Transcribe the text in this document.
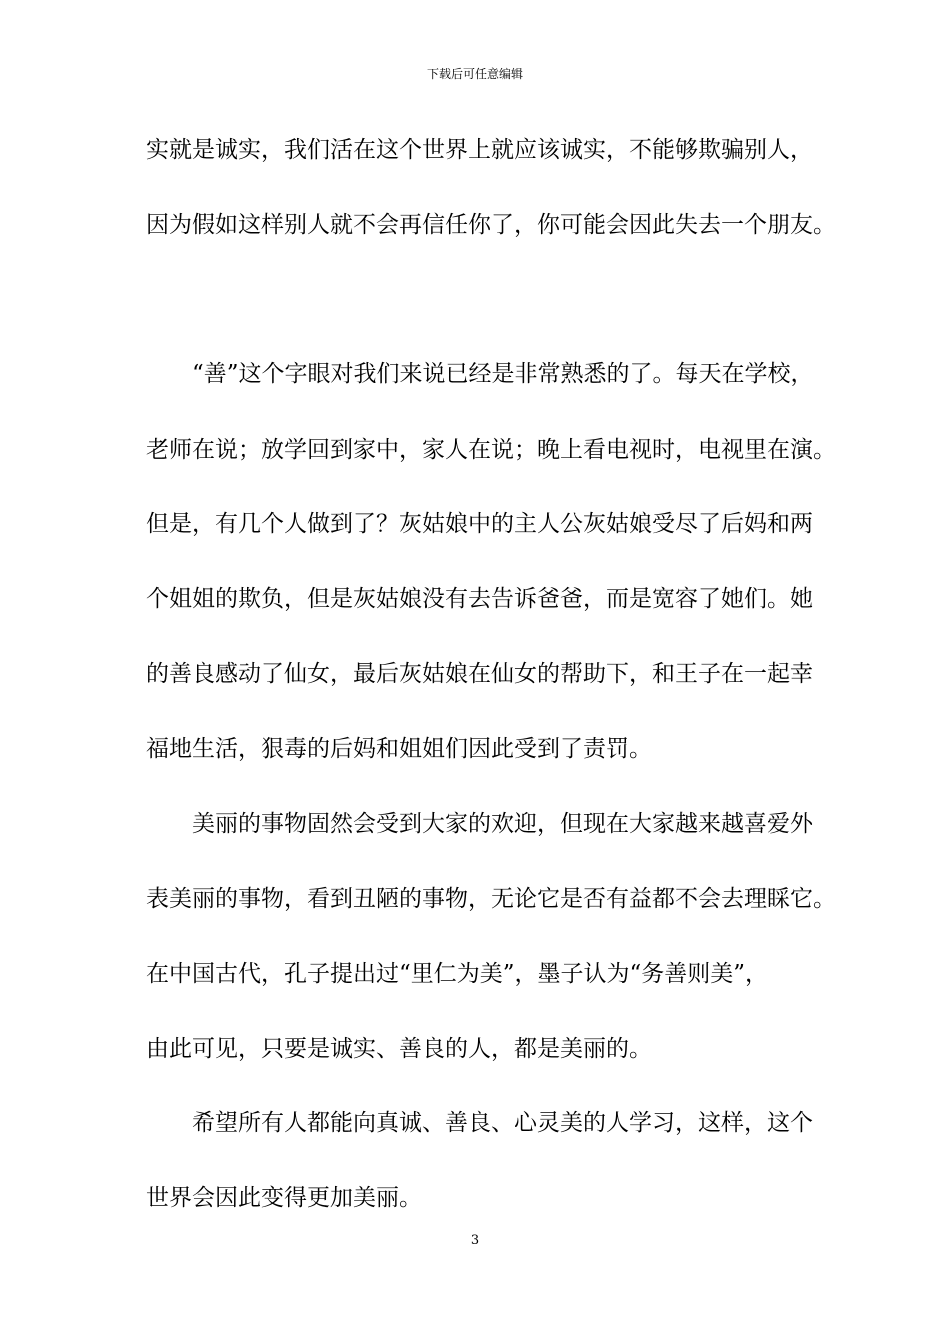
下载后可任意编辑
实就是诚实，我们活在这个世界上就应该诚实，不能够欺骗别人，
因为假如这样别人就不会再信任你了，你可能会因此失去一个朋友。
“善”这个字眼对我们来说已经是非常熟悉的了。每天在学校，
老师在说；放学回到家中，家人在说；晚上看电视时，电视里在演。
但是，有几个人做到了？灰姑娘中的主人公灰姑娘受尽了后妈和两
个姐姐的欺负，但是灰姑娘没有去告诉爸爸，而是宽容了她们。她
的善良感动了仙女，最后灰姑娘在仙女的帮助下，和王子在一起幸
福地生活，狠毒的后妈和姐姐们因此受到了责罚。
美丽的事物固然会受到大家的欢迎，但现在大家越来越喜爱外
表美丽的事物，看到丑陋的事物，无论它是否有益都不会去理睬它。
在中国古代，孔子提出过“里仁为美”，墨子认为“务善则美”，
由此可见，只要是诚实、善良的人，都是美丽的。
希望所有人都能向真诚、善良、心灵美的人学习，这样，这个
世界会因此变得更加美丽。
3
